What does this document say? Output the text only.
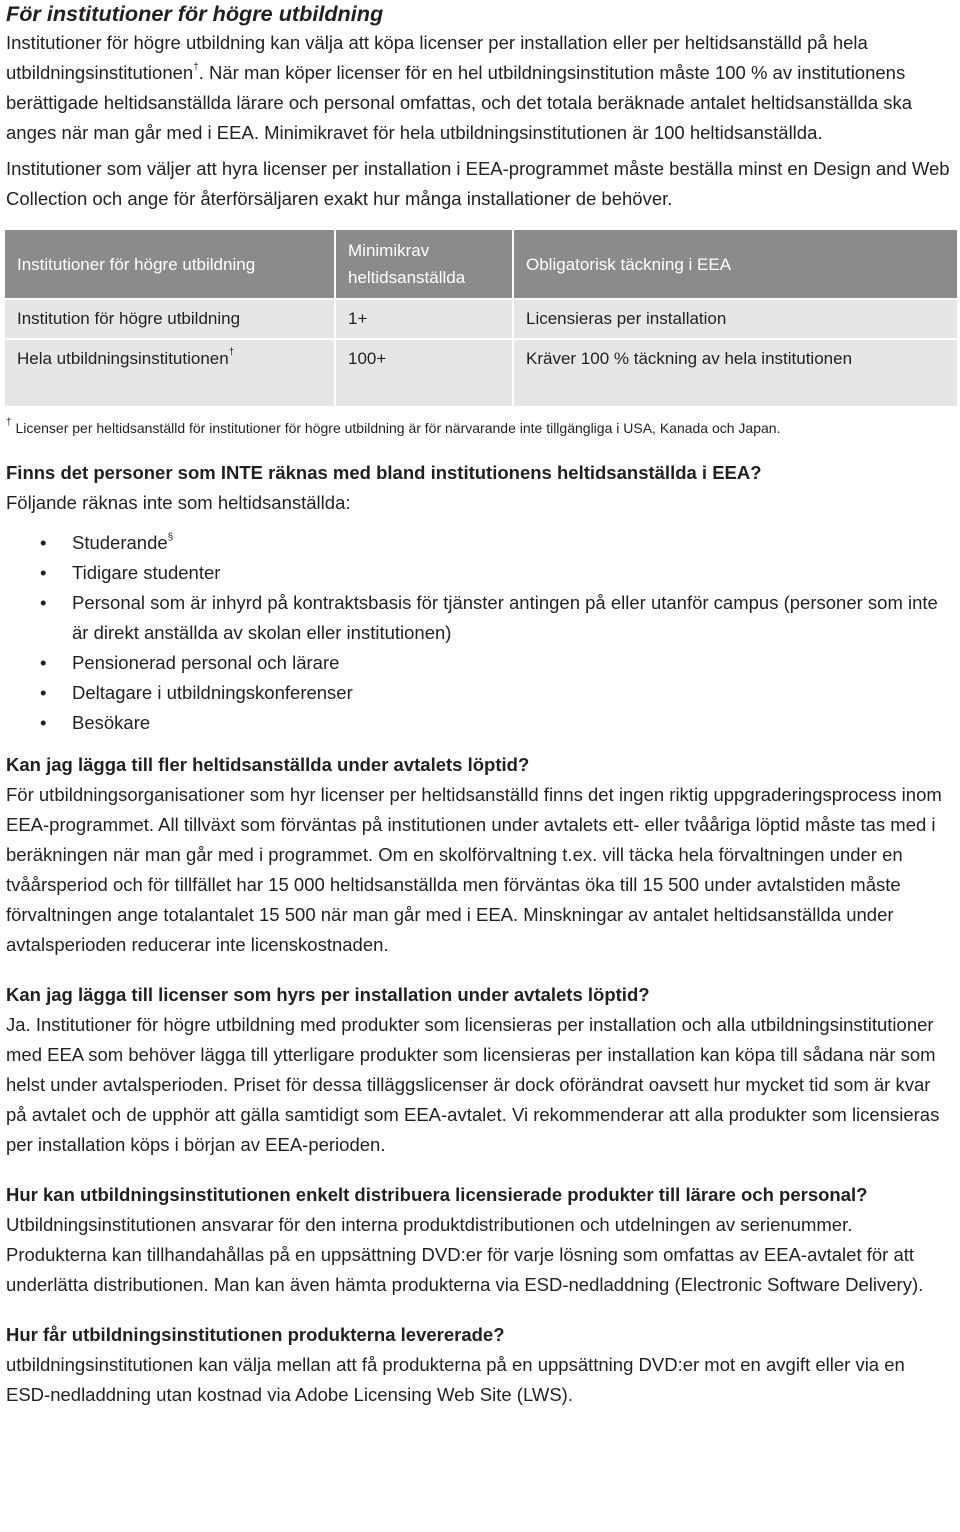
För institutioner för högre utbildning

Institutioner för högre utbildning kan välja att köpa licenser per installation eller per heltidsanställd på hela utbildningsinstitutionen†. När man köper licenser för en hel utbildningsinstitution måste 100 % av institutionens berättigade heltidsanställda lärare och personal omfattas, och det totala beräknade antalet heltidsanställda ska anges när man går med i EEA. Minimikravet för hela utbildningsinstitutionen är 100 heltidsanställda.

Institutioner som väljer att hyra licenser per installation i EEA-programmet måste beställa minst en Design and Web Collection och ange för återförsäljaren exakt hur många installationer de behöver.

Institutioner för högre utbildning	Minimikrav heltidsanställda	Obligatorisk täckning i EEA
Institution för högre utbildning	1+	Licensieras per installation
Hela utbildningsinstitutionen†	100+	Kräver 100 % täckning av hela institutionen

† Licenser per heltidsanställd för institutioner för högre utbildning är för närvarande inte tillgängliga i USA, Kanada och Japan.

Finns det personer som INTE räknas med bland institutionens heltidsanställda i EEA?

Följande räknas inte som heltidsanställda:

• Studerande§
• Tidigare studenter
• Personal som är inhyrd på kontraktsbasis för tjänster antingen på eller utanför campus (personer som inte är direkt anställda av skolan eller institutionen)
• Pensionerad personal och lärare
• Deltagare i utbildningskonferenser
• Besökare
Kan jag lägga till fler heltidsanställda under avtalets löptid?

För utbildningsorganisationer som hyr licenser per heltidsanställd finns det ingen riktig uppgraderingsprocess inom EEA-programmet. All tillväxt som förväntas på institutionen under avtalets ett- eller tvååriga löptid måste tas med i beräkningen när man går med i programmet. Om en skolförvaltning t.ex. vill täcka hela förvaltningen under en tvåårsperiod och för tillfället har 15 000 heltidsanställda men förväntas öka till 15 500 under avtalstiden måste förvaltningen ange totalantalet 15 500 när man går med i EEA. Minskningar av antalet heltidsanställda under avtalsperioden reducerar inte licenskostnaden.

Kan jag lägga till licenser som hyrs per installation under avtalets löptid?

Ja. Institutioner för högre utbildning med produkter som licensieras per installation och alla utbildningsinstitutioner med EEA som behöver lägga till ytterligare produkter som licensieras per installation kan köpa till sådana när som helst under avtalsperioden. Priset för dessa tilläggslicenser är dock oförändrat oavsett hur mycket tid som är kvar på avtalet och de upphör att gälla samtidigt som EEA-avtalet. Vi rekommenderar att alla produkter som licensieras per installation köps i början av EEA-perioden.

Hur kan utbildningsinstitutionen enkelt distribuera licensierade produkter till lärare och personal?

Utbildningsinstitutionen ansvarar för den interna produktdistributionen och utdelningen av serienummer. Produkterna kan tillhandahållas på en uppsättning DVD:er för varje lösning som omfattas av EEA-avtalet för att underlätta distributionen. Man kan även hämta produkterna via ESD-nedladdning (Electronic Software Delivery).

Hur får utbildningsinstitutionen produkterna levererade?

utbildningsinstitutionen kan välja mellan att få produkterna på en uppsättning DVD:er mot en avgift eller via en ESD-nedladdning utan kostnad via Adobe Licensing Web Site (LWS).
